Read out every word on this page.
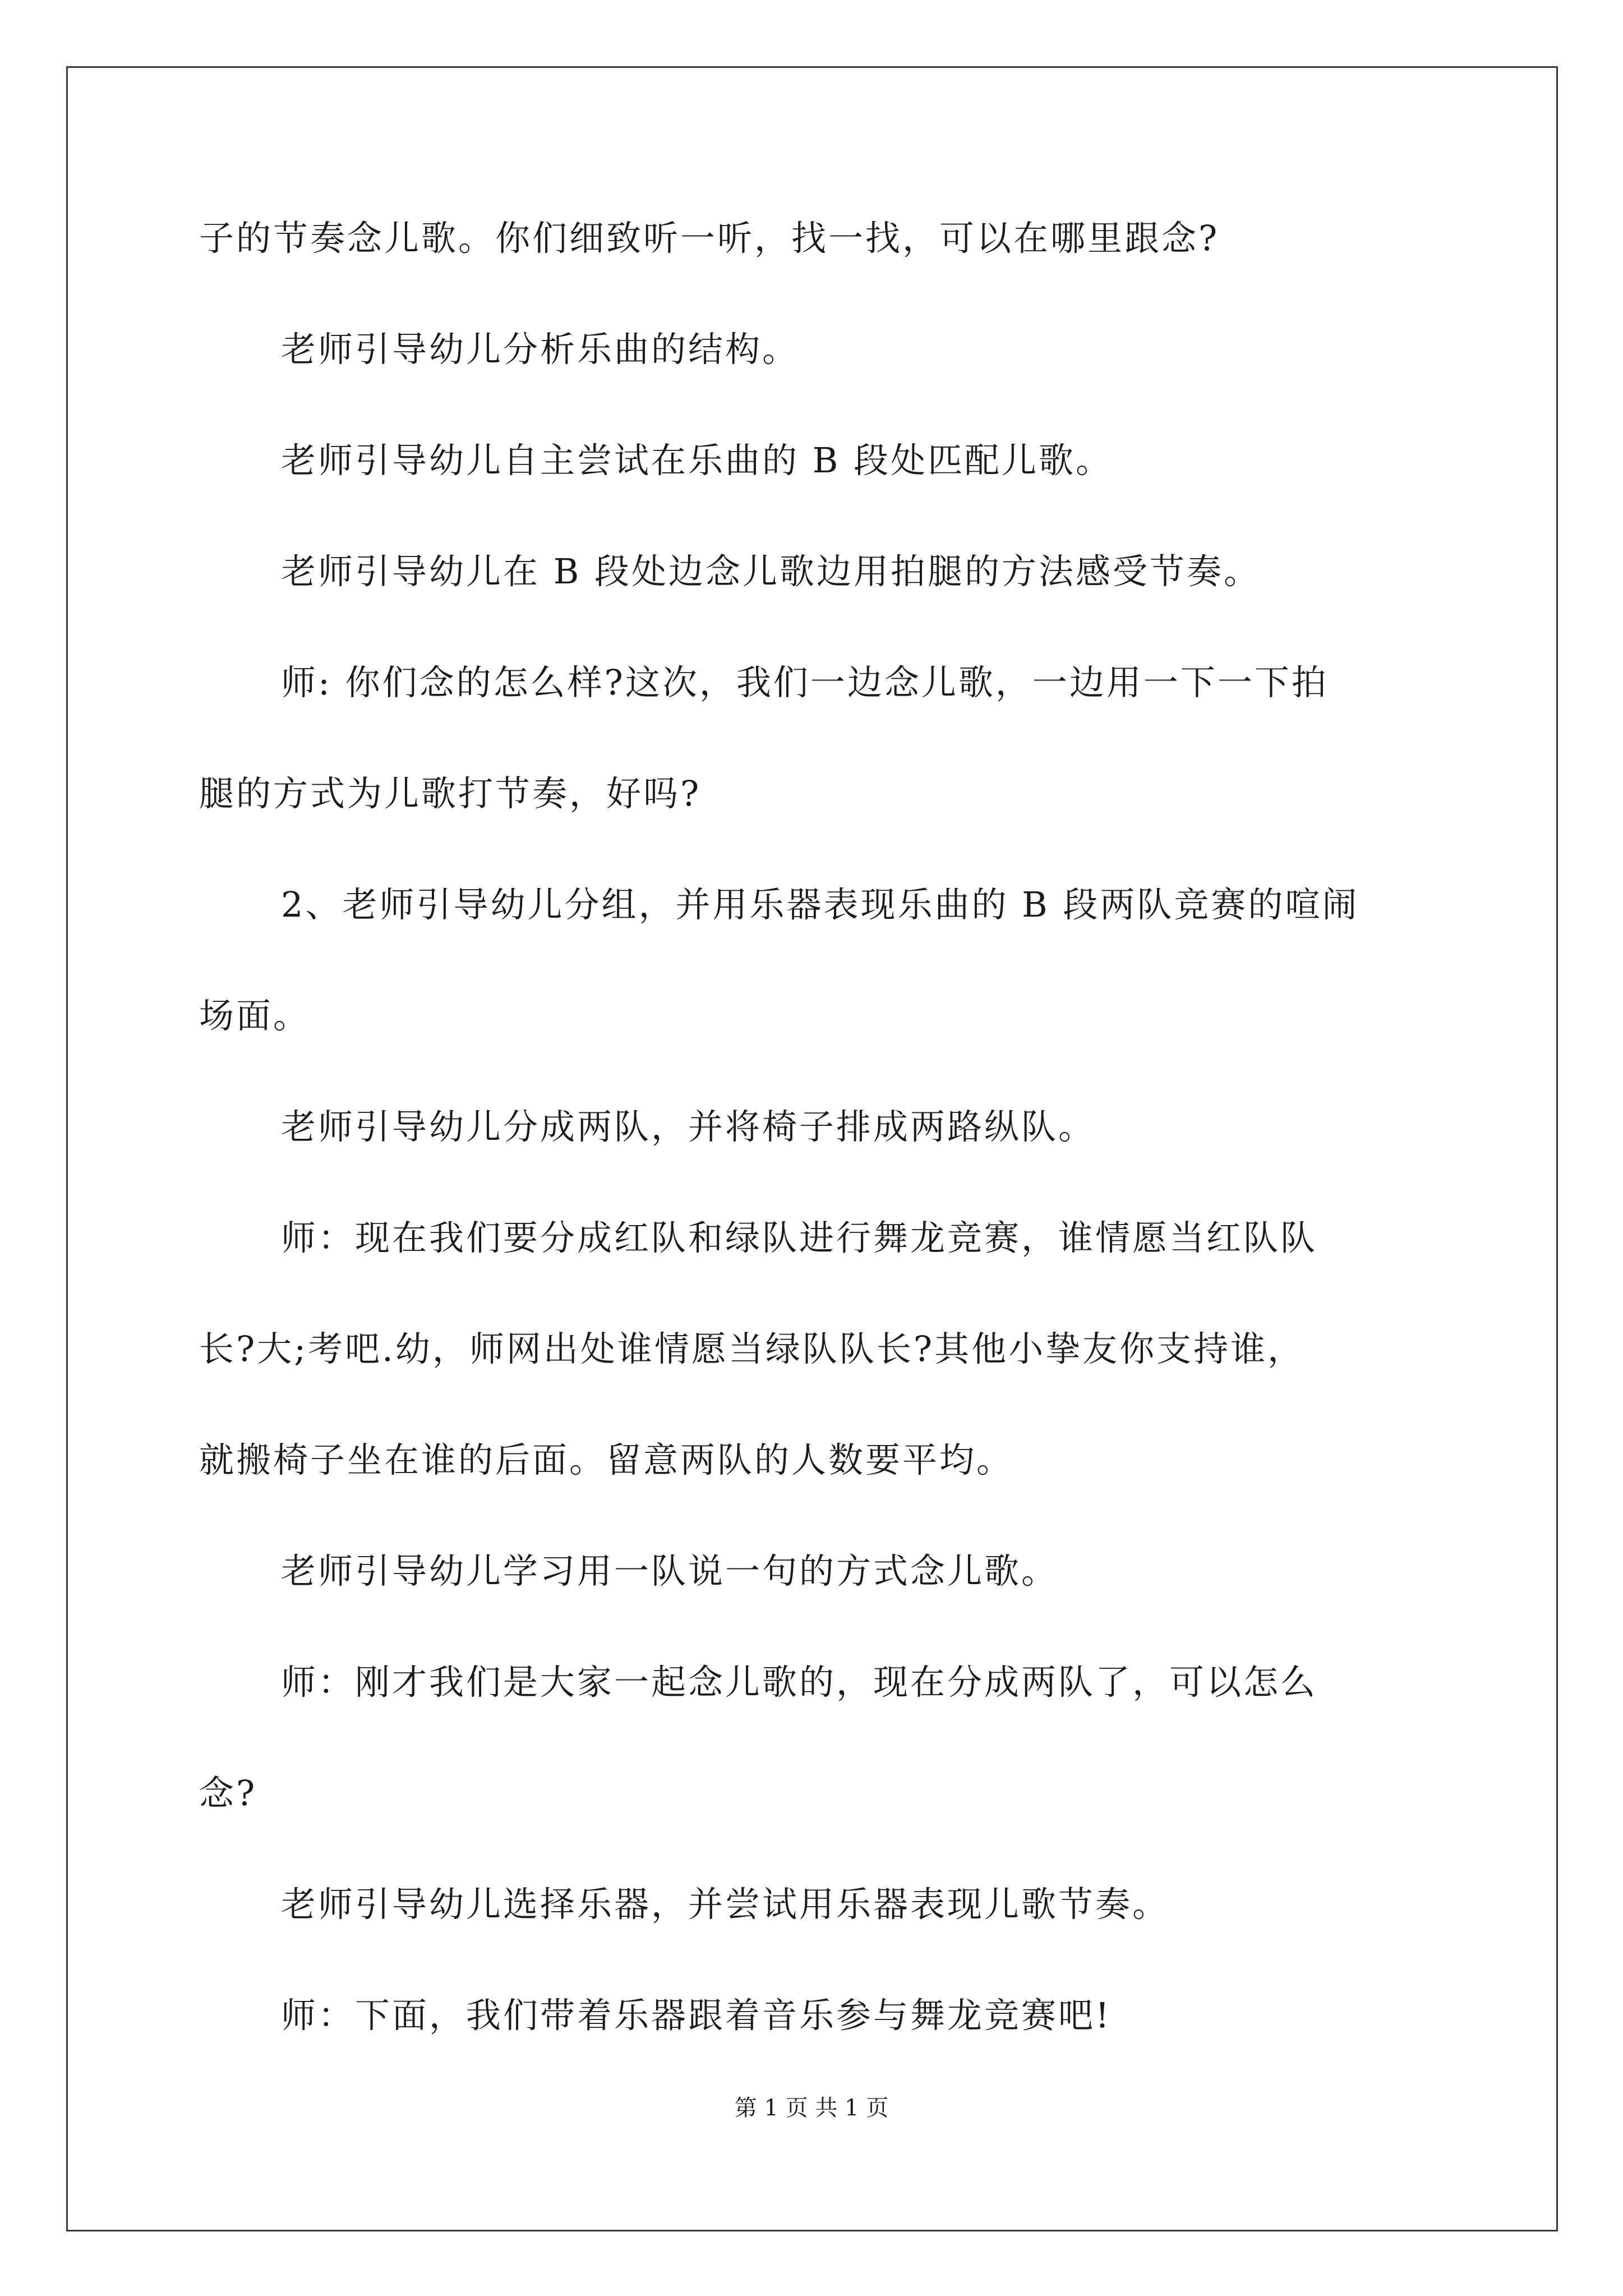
子的节奏念儿歌。你们细致听一听，找一找，可以在哪里跟念?
老师引导幼儿分析乐曲的结构。
老师引导幼儿自主尝试在乐曲的 B 段处匹配儿歌。
老师引导幼儿在 B 段处边念儿歌边用拍腿的方法感受节奏。
师: 你们念的怎么样?这次，我们一边念儿歌，一边用一下一下拍
腿的方式为儿歌打节奏，好吗?
2、老师引导幼儿分组，并用乐器表现乐曲的 B 段两队竞赛的喧闹
场面。
老师引导幼儿分成两队，并将椅子排成两路纵队。
师：现在我们要分成红队和绿队进行舞龙竞赛，谁情愿当红队队
长?大;考吧.幼，师网出处谁情愿当绿队队长?其他小挚友你支持谁，
就搬椅子坐在谁的后面。留意两队的人数要平均。
老师引导幼儿学习用一队说一句的方式念儿歌。
师：刚才我们是大家一起念儿歌的，现在分成两队了，可以怎么
念?
老师引导幼儿选择乐器，并尝试用乐器表现儿歌节奏。
师：下面，我们带着乐器跟着音乐参与舞龙竞赛吧!
第 1 页 共 1 页
